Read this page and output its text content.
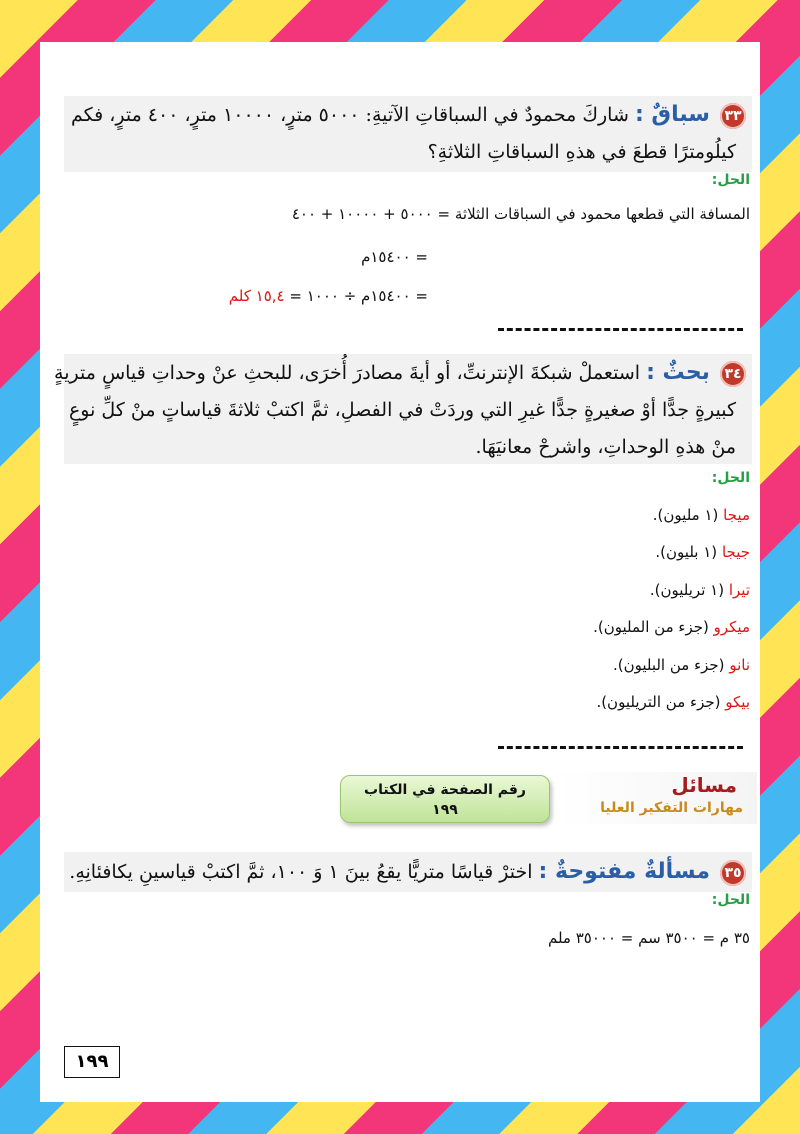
٣٣ سباقٌ : شاركَ محمودٌ في السباقاتِ الآتيةِ: ٥٠٠٠ مترٍ، ١٠٠٠٠ مترٍ، ٤٠٠ مترٍ، فكم
كيلُومترًا قطعَ في هذهِ السباقاتِ الثلاثةِ؟
الحل:
المسافة التي قطعها محمود في السباقات الثلاثة = ٥٠٠٠ + ١٠٠٠٠ + ٤٠٠
= ١٥٤٠٠م
= ١٥٤٠٠م ÷ ١٠٠٠ = ١٥,٤ كلم
٣٤ بحثٌ : استعملْ شبكةَ الإنترنتِّ، أو أيةَ مصادرَ أُخرَى، للبحثِ عنْ وحداتِ قياسٍ متريةٍ
كبيرةٍ جدًّا أوْ صغيرةٍ جدًّا غيرِ التي وردَتْ في الفصلِ، ثمَّ اكتبْ ثلاثةَ قياساتٍ منْ كلِّ نوعٍ
منْ هذهِ الوحداتِ، واشرحْ معانيَهَا.
الحل:
ميجا (١ مليون).
جيجا (١ بليون).
تيرا (١ تريليون).
ميكرو (جزء من المليون).
نانو (جزء من البليون).
بيكو (جزء من التريليون).
مسائل
مهارات التفكير العليا
رقم الصفحة في الكتاب
١٩٩
٣٥ مسألةٌ مفتوحةٌ : اخترْ قياسًا متريًّا يقعُ بينَ ١ وَ ١٠٠، ثمَّ اكتبْ قياسينِ يكافئانِهِ.
الحل:
٣٥ م = ٣٥٠٠ سم = ٣٥٠٠٠ ملم
١٩٩
